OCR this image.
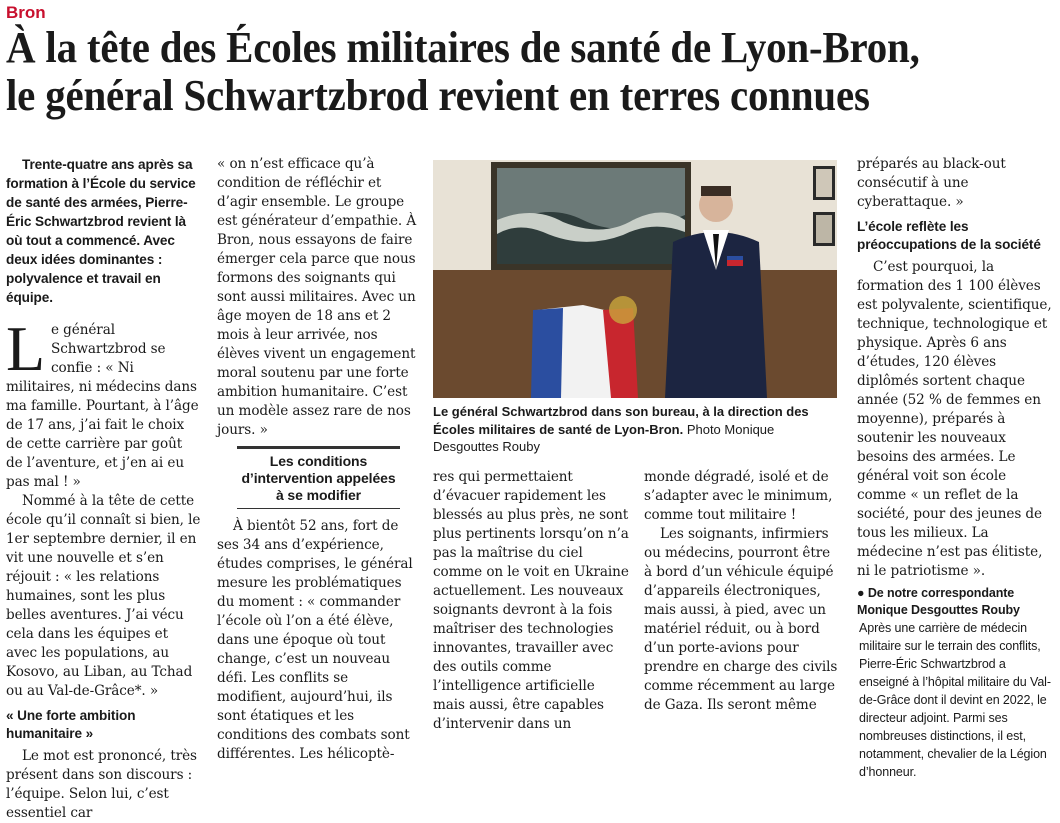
Bron
À la tête des Écoles militaires de santé de Lyon-Bron,
le général Schwartzbrod revient en terres connues

Trente-quatre ans après sa formation à l’École du service de santé des armées, Pierre-Éric Schwartzbrod revient là où tout a commencé. Avec deux idées dominantes : polyvalence et travail en équipe.

L e général Schwartzbrod se confie : « Ni militaires, ni médecins dans ma famille. Pourtant, à l’âge de 17 ans, j’ai fait le choix de cette carrière par goût de l’aventure, et j’en ai eu pas mal ! »

Nommé à la tête de cette école qu’il connaît si bien, le 1er septembre dernier, il en vit une nouvelle et s’en réjouit : « les relations humaines, sont les plus belles aventures. J’ai vécu cela dans les équipes et avec les populations, au Kosovo, au Liban, au Tchad ou au Val-de-Grâce*. »

« Une forte ambition humanitaire »

Le mot est prononcé, très présent dans son discours : l’équipe. Selon lui, c’est essentiel car

« on n’est efficace qu’à condition de réfléchir et d’agir ensemble. Le groupe est générateur d’empathie. À Bron, nous essayons de faire émerger cela parce que nous formons des soignants qui sont aussi militaires. Avec un âge moyen de 18 ans et 2 mois à leur arrivée, nos élèves vivent un engagement moral soutenu par une forte ambition humanitaire. C’est un modèle assez rare de nos jours. »

Les conditions d’intervention appelées à se modifier

À bientôt 52 ans, fort de ses 34 ans d’expérience, études comprises, le général mesure les problématiques du moment : « commander l’école où l’on a été élève, dans une époque où tout change, c’est un nouveau défi. Les conflits se modifient, aujourd’hui, ils sont étatiques et les conditions des combats sont différentes. Les hélicoptè-

Le général Schwartzbrod dans son bureau, à la direction des Écoles militaires de santé de Lyon-Bron. Photo Monique Desgouttes Rouby

res qui permettaient d’évacuer rapidement les blessés au plus près, ne sont plus pertinents lorsqu’on n’a pas la maîtrise du ciel comme on le voit en Ukraine actuellement. Les nouveaux soignants devront à la fois maîtriser des technologies innovantes, travailler avec des outils comme l’intelligence artificielle mais aussi, être capables d’intervenir dans un

monde dégradé, isolé et de s’adapter avec le minimum, comme tout militaire !

Les soignants, infirmiers ou médecins, pourront être à bord d’un véhicule équipé d’appareils électroniques, mais aussi, à pied, avec un matériel réduit, ou à bord d’un porte-avions pour prendre en charge des civils comme récemment au large de Gaza. Ils seront même

préparés au black-out consécutif à une cyberattaque. »

L’école reflète les préoccupations de la société

C’est pourquoi, la formation des 1 100 élèves est polyvalente, scientifique, technique, technologique et physique. Après 6 ans d’études, 120 élèves diplômés sortent chaque année (52 % de femmes en moyenne), préparés à soutenir les nouveaux besoins des armées. Le général voit son école comme « un reflet de la société, pour des jeunes de tous les milieux. La médecine n’est pas élitiste, ni le patriotisme ».

● De notre correspondante Monique Desgouttes Rouby
Après une carrière de médecin militaire sur le terrain des conflits, Pierre-Éric Schwartzbrod a enseigné à l’hôpital militaire du Val-de-Grâce dont il devint en 2022, le directeur adjoint. Parmi ses nombreuses distinctions, il est, notamment, chevalier de la Légion d’honneur.
